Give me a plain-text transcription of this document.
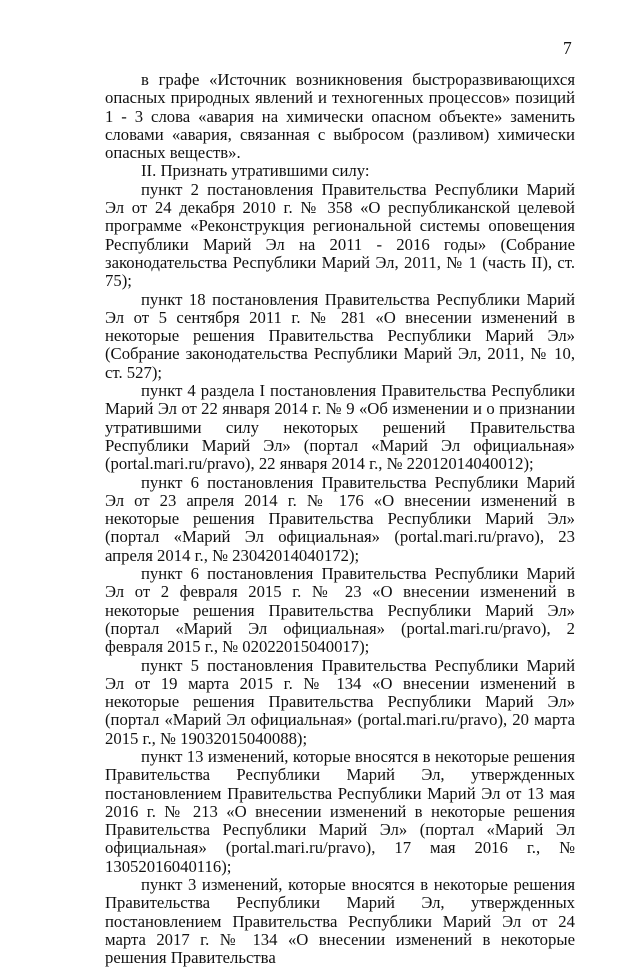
7

в графе «Источник возникновения быстроразвивающихся опасных природных явлений и техногенных процессов» позиций 1 - 3 слова «авария на химически опасном объекте» заменить словами «авария, связанная с выбросом (разливом) химически опасных веществ».

II. Признать утратившими силу:

пункт 2 постановления Правительства Республики Марий Эл от 24 декабря 2010 г. № 358 «О республиканской целевой программе «Реконструкция региональной системы оповещения Республики Марий Эл на 2011 - 2016 годы» (Собрание законодательства Республики Марий Эл, 2011, № 1 (часть II), ст. 75);

пункт 18 постановления Правительства Республики Марий Эл от 5 сентября 2011 г. № 281 «О внесении изменений в некоторые решения Правительства Республики Марий Эл» (Собрание законодательства Республики Марий Эл, 2011, № 10, ст. 527);

пункт 4 раздела I постановления Правительства Республики Марий Эл от 22 января 2014 г. № 9 «Об изменении и о признании утратившими силу некоторых решений Правительства Республики Марий Эл» (портал «Марий Эл официальная» (portal.mari.ru/pravo), 22 января 2014 г., № 22012014040012);

пункт 6 постановления Правительства Республики Марий Эл от 23 апреля 2014 г. № 176 «О внесении изменений в некоторые решения Правительства Республики Марий Эл» (портал «Марий Эл официальная» (portal.mari.ru/pravo), 23 апреля 2014 г., № 23042014040172);

пункт 6 постановления Правительства Республики Марий Эл от 2 февраля 2015 г. № 23 «О внесении изменений в некоторые решения Правительства Республики Марий Эл» (портал «Марий Эл официальная» (portal.mari.ru/pravo), 2 февраля 2015 г., № 02022015040017);

пункт 5 постановления Правительства Республики Марий Эл от 19 марта 2015 г. № 134 «О внесении изменений в некоторые решения Правительства Республики Марий Эл» (портал «Марий Эл официальная» (portal.mari.ru/pravo), 20 марта 2015 г., № 19032015040088);

пункт 13 изменений, которые вносятся в некоторые решения Правительства Республики Марий Эл, утвержденных постановлением Правительства Республики Марий Эл от 13 мая 2016 г. № 213 «О внесении изменений в некоторые решения Правительства Республики Марий Эл» (портал «Марий Эл официальная» (portal.mari.ru/pravo), 17 мая 2016 г., № 13052016040116);

пункт 3 изменений, которые вносятся в некоторые решения Правительства Республики Марий Эл, утвержденных постановлением Правительства Республики Марий Эл от 24 марта 2017 г. № 134 «О внесении изменений в некоторые решения Правительства
